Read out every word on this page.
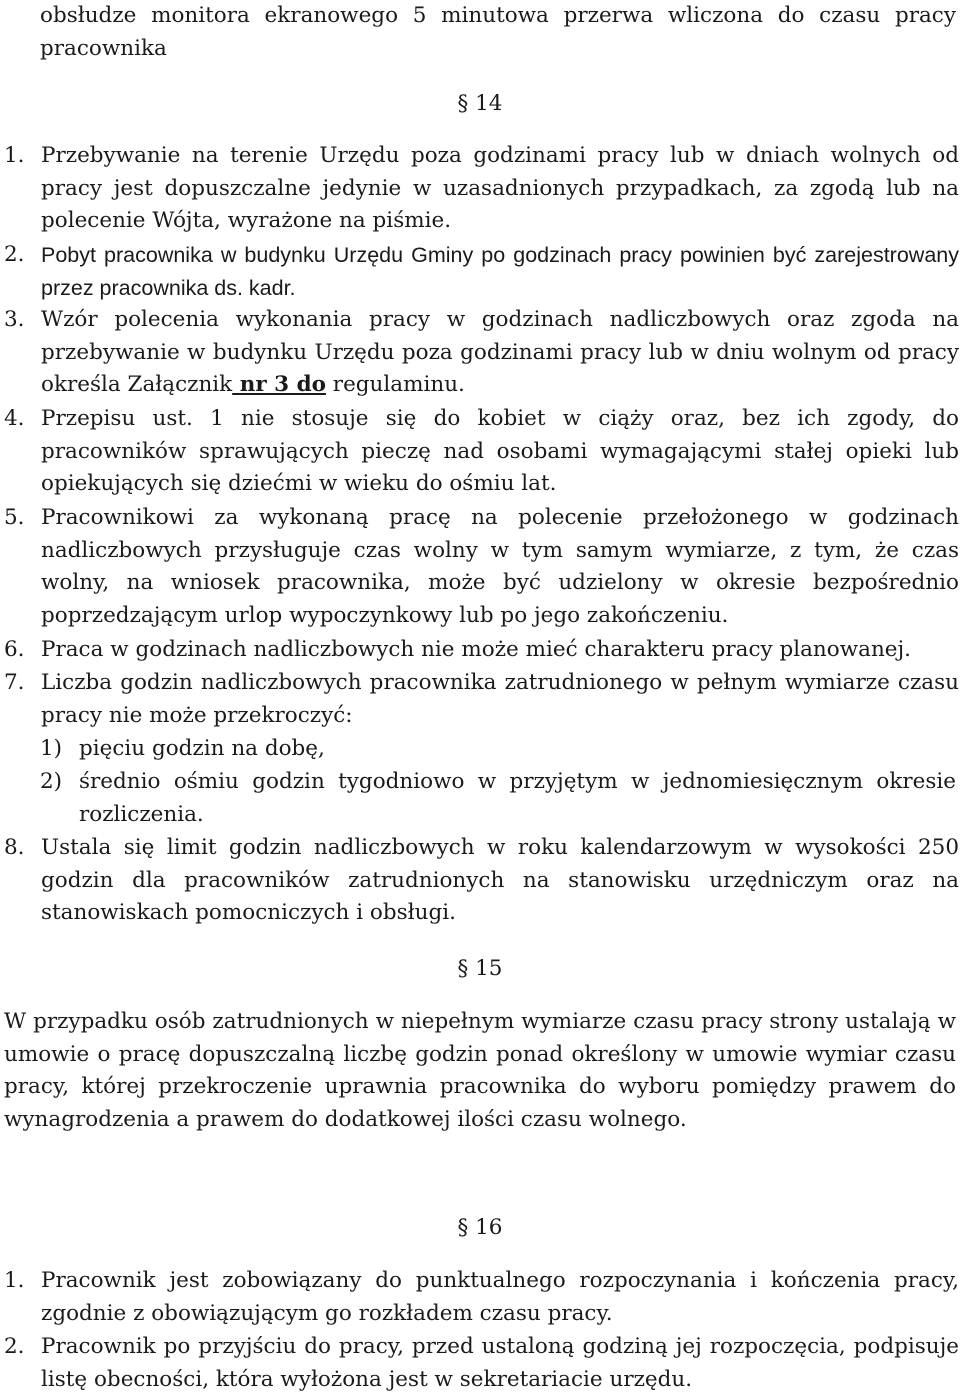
obsłudze monitora ekranowego 5 minutowa przerwa wliczona do czasu pracy pracownika

§ 14

1. Przebywanie na terenie Urzędu poza godzinami pracy lub w dniach wolnych od pracy jest dopuszczalne jedynie w uzasadnionych przypadkach, za zgodą lub na polecenie Wójta, wyrażone na piśmie.
2. Pobyt pracownika w budynku Urzędu Gminy po godzinach pracy powinien być zarejestrowany przez pracownika ds. kadr.
3. Wzór polecenia wykonania pracy w godzinach nadliczbowych oraz zgoda na przebywanie w budynku Urzędu poza godzinami pracy lub w dniu wolnym od pracy określa Załącznik nr 3 do regulaminu.
4. Przepisu ust. 1 nie stosuje się do kobiet w ciąży oraz, bez ich zgody, do pracowników sprawujących pieczę nad osobami wymagającymi stałej opieki lub opiekujących się dziećmi w wieku do ośmiu lat.
5. Pracownikowi za wykonaną pracę na polecenie przełożonego w godzinach nadliczbowych przysługuje czas wolny w tym samym wymiarze, z tym, że czas wolny, na wniosek pracownika, może być udzielony w okresie bezpośrednio poprzedzającym urlop wypoczynkowy lub po jego zakończeniu.
6. Praca w godzinach nadliczbowych nie może mieć charakteru pracy planowanej.
7. Liczba godzin nadliczbowych pracownika zatrudnionego w pełnym wymiarze czasu pracy nie może przekroczyć:
1) pięciu godzin na dobę,
2) średnio ośmiu godzin tygodniowo w przyjętym w jednomiesięcznym okresie rozliczenia.
8. Ustala się limit godzin nadliczbowych w roku kalendarzowym w wysokości 250 godzin dla pracowników zatrudnionych na stanowisku urzędniczym oraz na stanowiskach pomocniczych i obsługi.

§ 15

W przypadku osób zatrudnionych w niepełnym wymiarze czasu pracy strony ustalają w umowie o pracę dopuszczalną liczbę godzin ponad określony w umowie wymiar czasu pracy, której przekroczenie uprawnia pracownika do wyboru pomiędzy prawem do wynagrodzenia a prawem do dodatkowej ilości czasu wolnego.

§ 16

1. Pracownik jest zobowiązany do punktualnego rozpoczynania i kończenia pracy, zgodnie z obowiązującym go rozkładem czasu pracy.
2. Pracownik po przyjściu do pracy, przed ustaloną godziną jej rozpoczęcia, podpisuje listę obecności, która wyłożona jest w sekretariacie urzędu.
